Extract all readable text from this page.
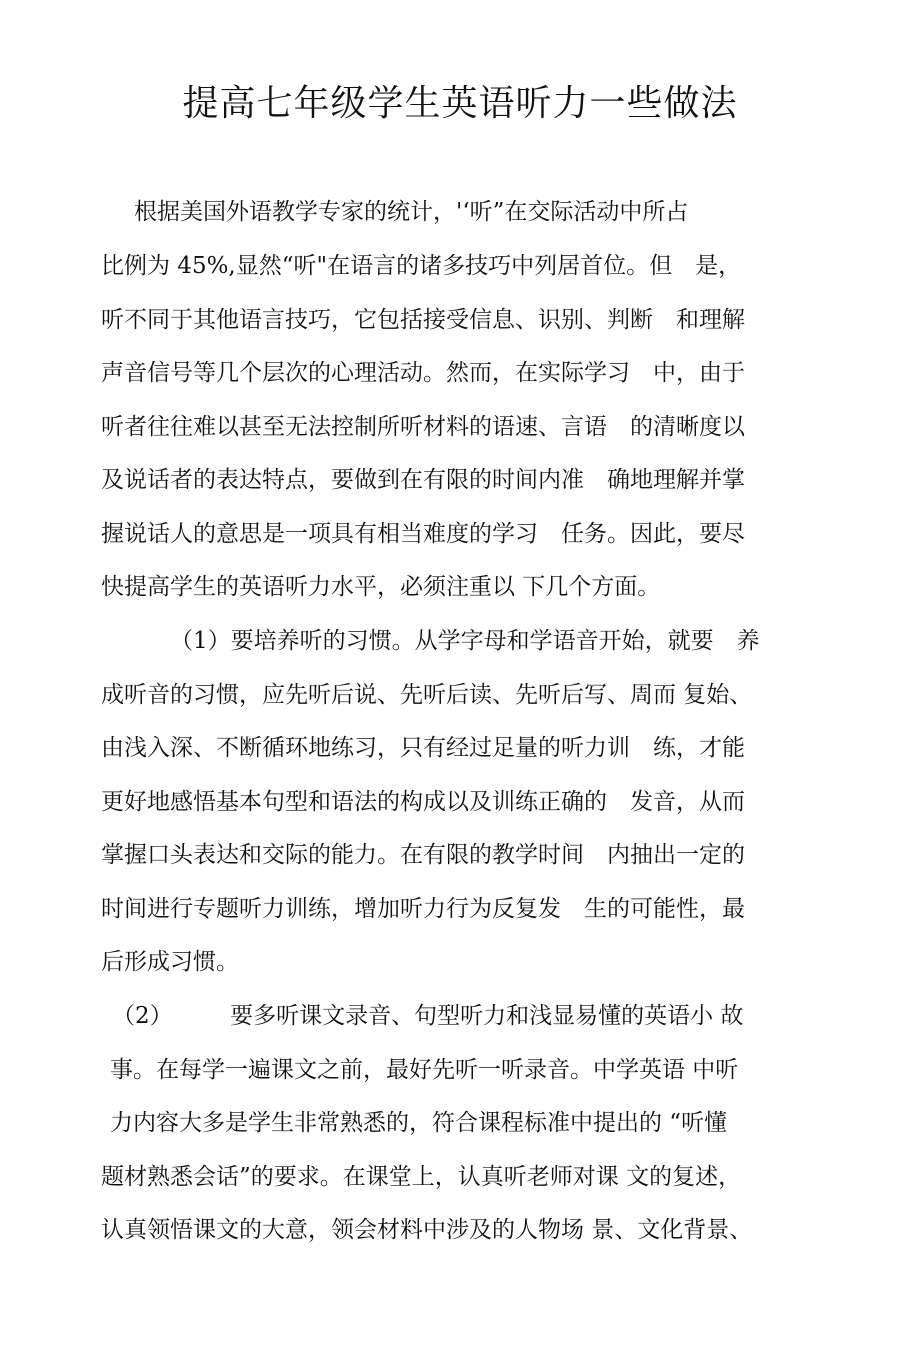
提高七年级学生英语听力一些做法
根据美国外语教学专家的统计，'‘听”在交际活动中所占
比例为 45%,显然“听"在语言的诸多技巧中列居首位。但　是，
听不同于其他语言技巧，它包括接受信息、识别、判断　和理解
声音信号等几个层次的心理活动。然而，在实际学习　中，由于
听者往往难以甚至无法控制所听材料的语速、言语　的清晰度以
及说话者的表达特点，要做到在有限的时间内准　确地理解并掌
握说话人的意思是一项具有相当难度的学习　任务。因此，要尽
快提高学生的英语听力水平，必须注重以 下几个方面。
（1）要培养听的习惯。从学字母和学语音开始，就要　养
成听音的习惯，应先听后说、先听后读、先听后写、周而 复始、
由浅入深、不断循环地练习，只有经过足量的听力训　练，才能
更好地感悟基本句型和语法的构成以及训练正确的　发音，从而
掌握口头表达和交际的能力。在有限的教学时间　内抽出一定的
时间进行专题听力训练，增加听力行为反复发　生的可能性，最
后形成习惯。
（2）　　　要多听课文录音、句型听力和浅显易懂的英语小 故
事。在每学一遍课文之前，最好先听一听录音。中学英语 中听
力内容大多是学生非常熟悉的，符合课程标准中提出的 “听懂
题材熟悉会话”的要求。在课堂上，认真听老师对课 文的复述，
认真领悟课文的大意，领会材料中涉及的人物场 景、文化背景、
